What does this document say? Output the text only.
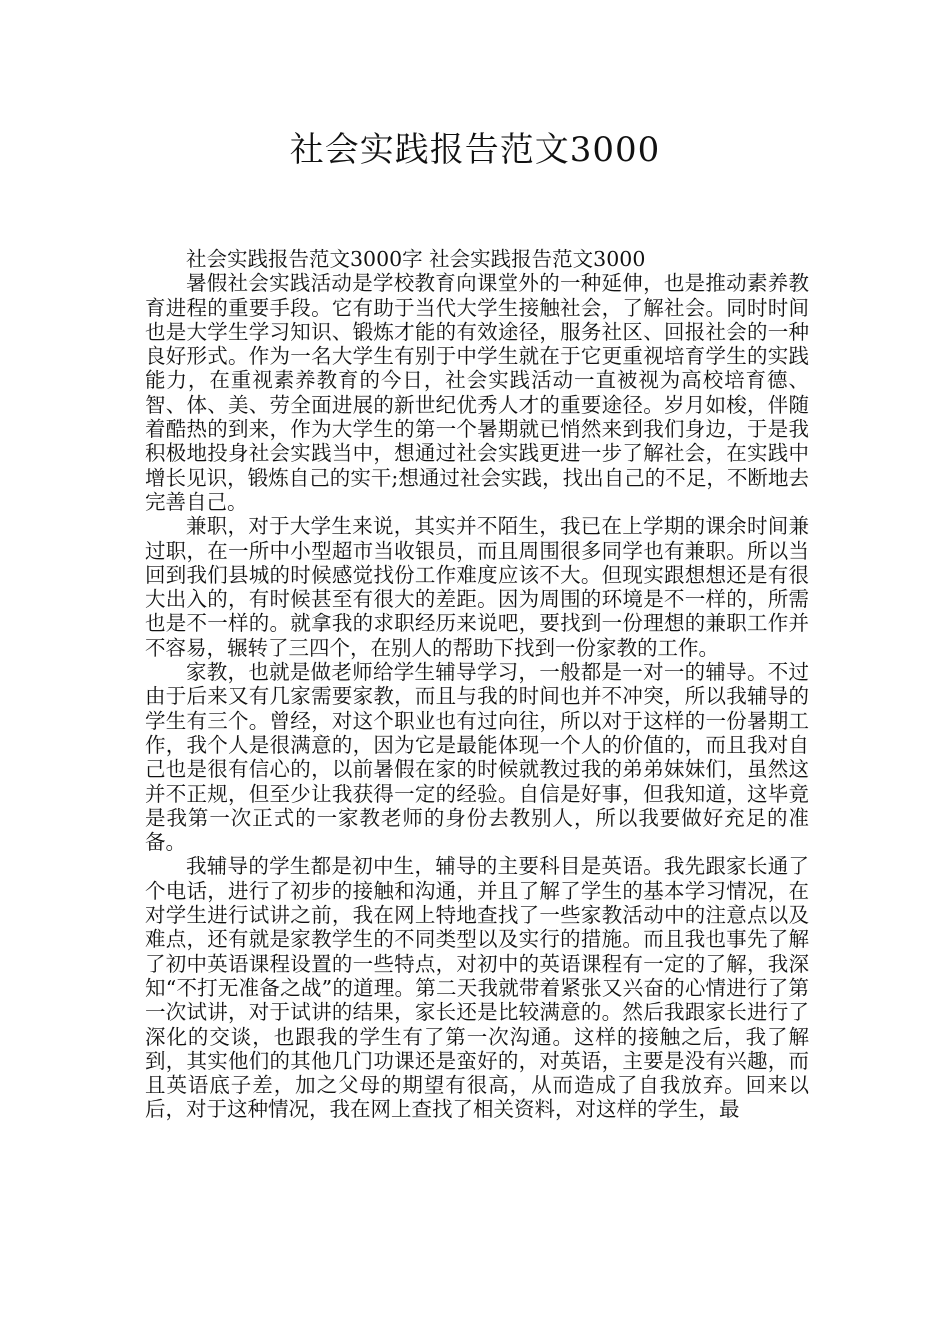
社会实践报告范文3000

社会实践报告范文3000字 社会实践报告范文3000

暑假社会实践活动是学校教育向课堂外的一种延伸，也是推动素养教育进程的重要手段。它有助于当代大学生接触社会，了解社会。同时时间也是大学生学习知识、锻炼才能的有效途径，服务社区、回报社会的一种良好形式。作为一名大学生有别于中学生就在于它更重视培育学生的实践能力，在重视素养教育的今日，社会实践活动一直被视为高校培育德、智、体、美、劳全面进展的新世纪优秀人才的重要途径。岁月如梭，伴随着酷热的到来，作为大学生的第一个暑期就已悄然来到我们身边，于是我积极地投身社会实践当中，想通过社会实践更进一步了解社会，在实践中增长见识，锻炼自己的实干;想通过社会实践，找出自己的不足，不断地去完善自己。

兼职，对于大学生来说，其实并不陌生，我已在上学期的课余时间兼过职，在一所中小型超市当收银员，而且周围很多同学也有兼职。所以当回到我们县城的时候感觉找份工作难度应该不大。但现实跟想想还是有很大出入的，有时候甚至有很大的差距。因为周围的环境是不一样的，所需也是不一样的。就拿我的求职经历来说吧，要找到一份理想的兼职工作并不容易，辗转了三四个，在别人的帮助下找到一份家教的工作。

家教，也就是做老师给学生辅导学习，一般都是一对一的辅导。不过由于后来又有几家需要家教，而且与我的时间也并不冲突，所以我辅导的学生有三个。曾经，对这个职业也有过向往，所以对于这样的一份暑期工作，我个人是很满意的，因为它是最能体现一个人的价值的，而且我对自己也是很有信心的，以前暑假在家的时候就教过我的弟弟妹妹们，虽然这并不正规，但至少让我获得一定的经验。自信是好事，但我知道，这毕竟是我第一次正式的一家教老师的身份去教别人，所以我要做好充足的准备。

我辅导的学生都是初中生，辅导的主要科目是英语。我先跟家长通了个电话，进行了初步的接触和沟通，并且了解了学生的基本学习情况，在对学生进行试讲之前，我在网上特地查找了一些家教活动中的注意点以及难点，还有就是家教学生的不同类型以及实行的措施。而且我也事先了解了初中英语课程设置的一些特点，对初中的英语课程有一定的了解，我深知“不打无准备之战”的道理。第二天我就带着紧张又兴奋的心情进行了第一次试讲，对于试讲的结果，家长还是比较满意的。然后我跟家长进行了深化的交谈，也跟我的学生有了第一次沟通。这样的接触之后，我了解到，其实他们的其他几门功课还是蛮好的，对英语，主要是没有兴趣，而且英语底子差，加之父母的期望有很高，从而造成了自我放弃。回来以后，对于这种情况，我在网上查找了相关资料，对这样的学生，最
